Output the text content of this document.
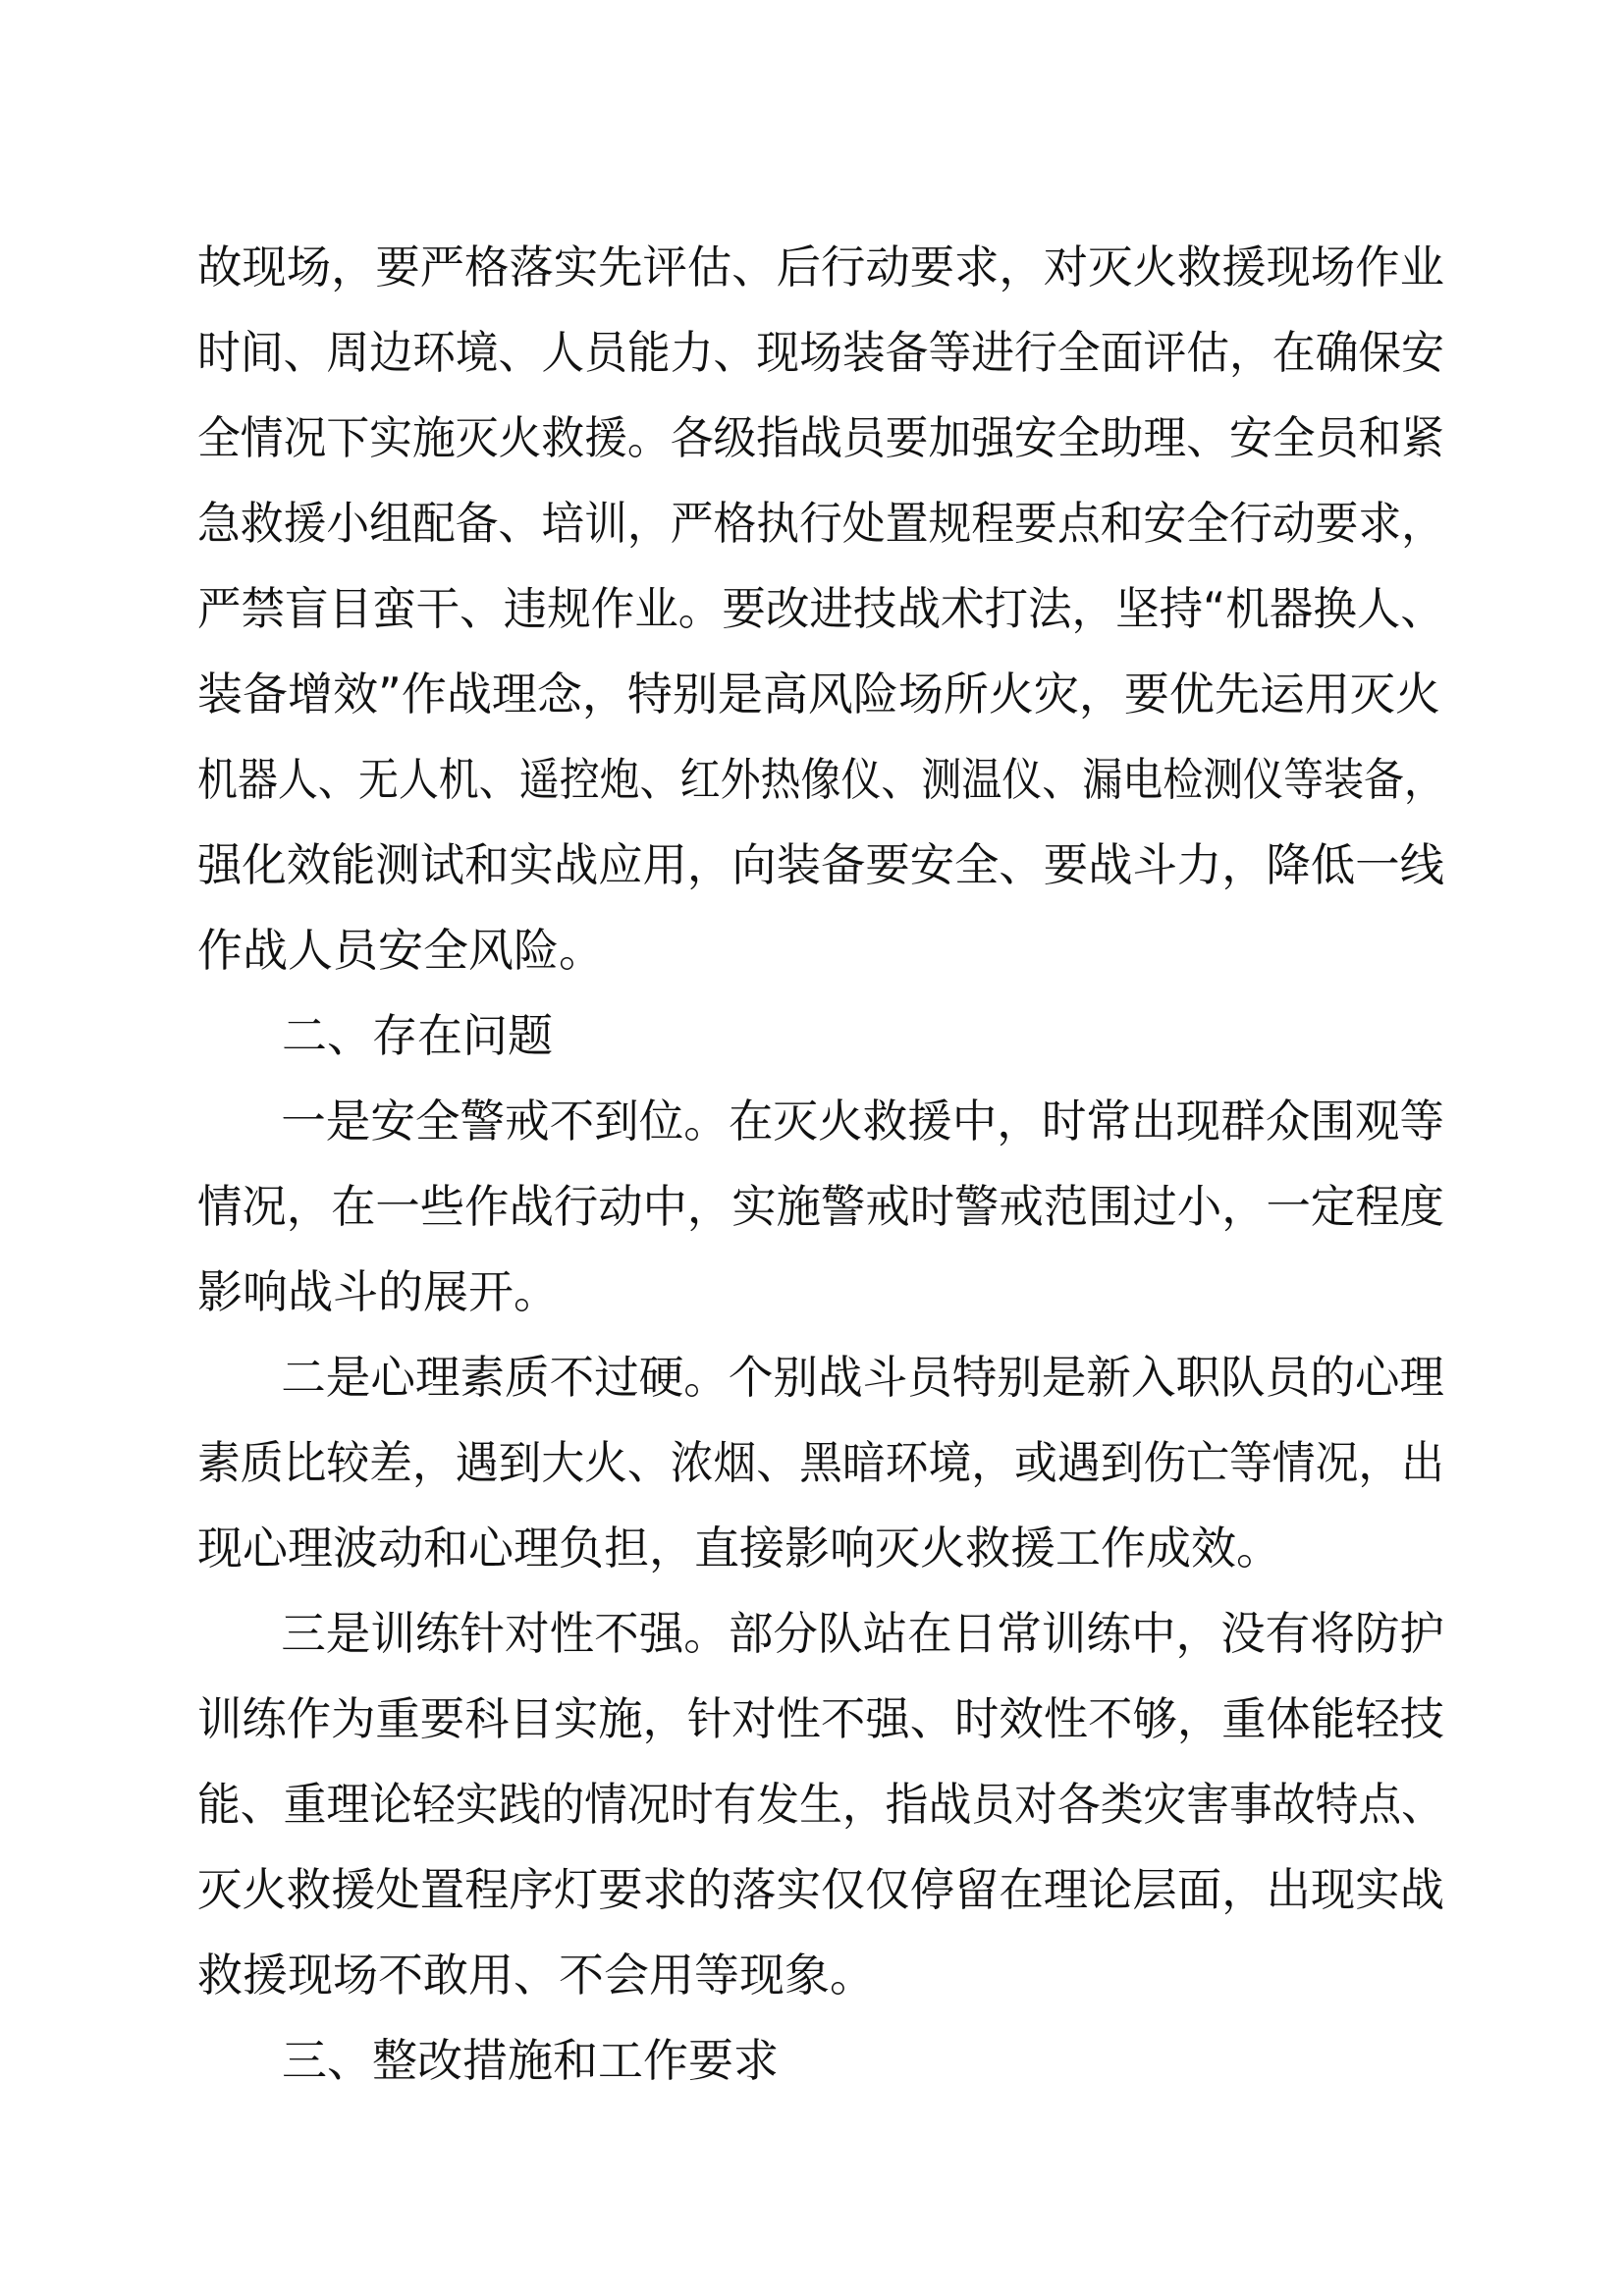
故现场，要严格落实先评估、后行动要求，对灭火救援现场作业
时间、周边环境、人员能力、现场装备等进行全面评估，在确保安
全情况下实施灭火救援。各级指战员要加强安全助理、安全员和紧
急救援小组配备、培训，严格执行处置规程要点和安全行动要求，
严禁盲目蛮干、违规作业。要改进技战术打法，坚持“机器换人、
装备增效”作战理念，特别是高风险场所火灾，要优先运用灭火
机器人、无人机、遥控炮、红外热像仪、测温仪、漏电检测仪等装备，
强化效能测试和实战应用，向装备要安全、要战斗力，降低一线
作战人员安全风险。
二、存在问题
一是安全警戒不到位。在灭火救援中，时常出现群众围观等
情况，在一些作战行动中，实施警戒时警戒范围过小，一定程度
影响战斗的展开。
二是心理素质不过硬。个别战斗员特别是新入职队员的心理
素质比较差，遇到大火、浓烟、黑暗环境，或遇到伤亡等情况，出
现心理波动和心理负担，直接影响灭火救援工作成效。
三是训练针对性不强。部分队站在日常训练中，没有将防护
训练作为重要科目实施，针对性不强、时效性不够，重体能轻技
能、重理论轻实践的情况时有发生，指战员对各类灾害事故特点、
灭火救援处置程序灯要求的落实仅仅停留在理论层面，出现实战
救援现场不敢用、不会用等现象。
三、整改措施和工作要求
